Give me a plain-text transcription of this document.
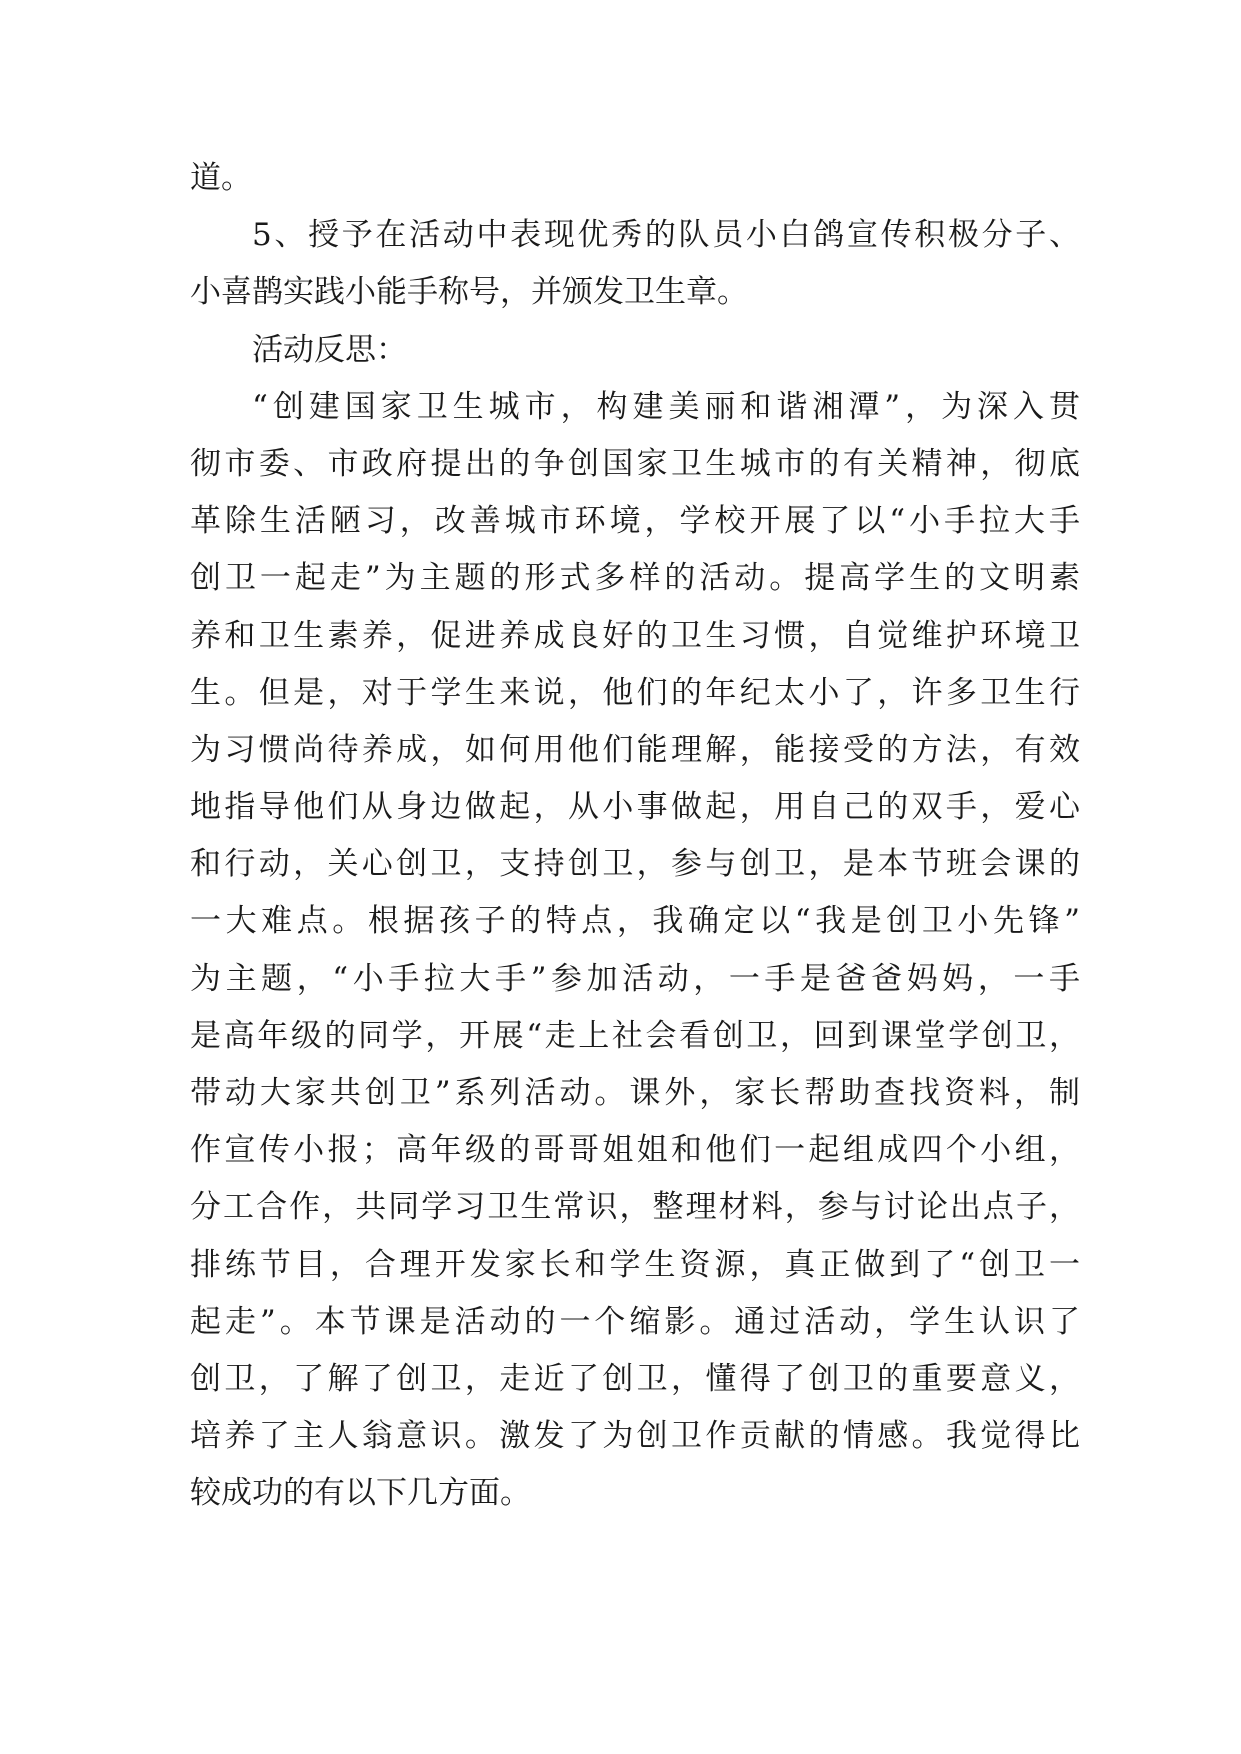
道。
5、授予在活动中表现优秀的队员小白鸽宣传积极分子、
小喜鹊实践小能手称号，并颁发卫生章。
活动反思：
“创建国家卫生城市，构建美丽和谐湘潭”，为深入贯
彻市委、市政府提出的争创国家卫生城市的有关精神，彻底
革除生活陋习，改善城市环境，学校开展了以“小手拉大手
创卫一起走”为主题的形式多样的活动。提高学生的文明素
养和卫生素养，促进养成良好的卫生习惯，自觉维护环境卫
生。但是，对于学生来说，他们的年纪太小了，许多卫生行
为习惯尚待养成，如何用他们能理解，能接受的方法，有效
地指导他们从身边做起，从小事做起，用自己的双手，爱心
和行动，关心创卫，支持创卫，参与创卫，是本节班会课的
一大难点。根据孩子的特点，我确定以“我是创卫小先锋”
为主题，“小手拉大手”参加活动，一手是爸爸妈妈，一手
是高年级的同学，开展“走上社会看创卫，回到课堂学创卫，
带动大家共创卫”系列活动。课外，家长帮助查找资料，制
作宣传小报；高年级的哥哥姐姐和他们一起组成四个小组，
分工合作，共同学习卫生常识，整理材料，参与讨论出点子，
排练节目，合理开发家长和学生资源，真正做到了“创卫一
起走”。本节课是活动的一个缩影。通过活动，学生认识了
创卫，了解了创卫，走近了创卫，懂得了创卫的重要意义，
培养了主人翁意识。激发了为创卫作贡献的情感。我觉得比
较成功的有以下几方面。
